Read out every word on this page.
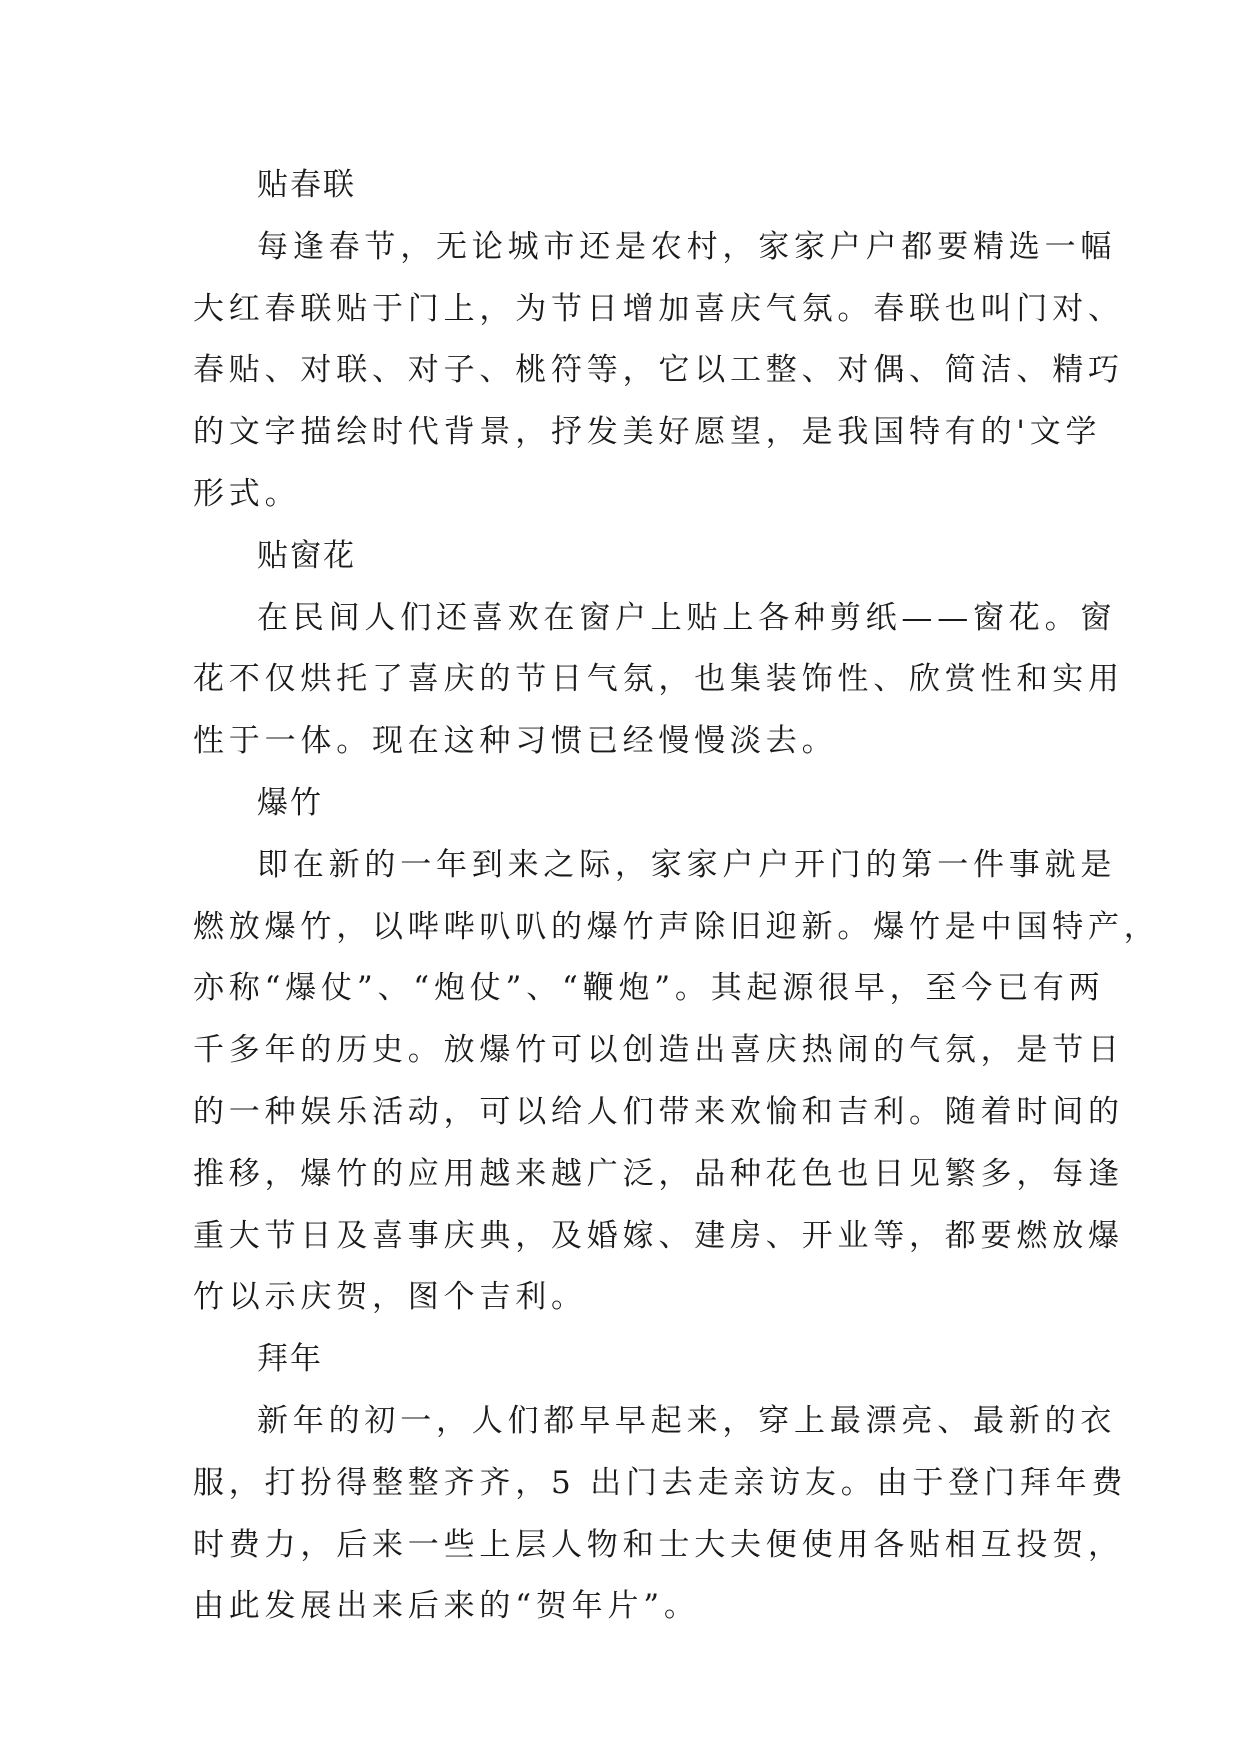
贴春联

每逢春节，无论城市还是农村，家家户户都要精选一幅
大红春联贴于门上，为节日增加喜庆气氛。春联也叫门对、
春贴、对联、对子、桃符等，它以工整、对偶、简洁、精巧
的文字描绘时代背景，抒发美好愿望，是我国特有的'文学
形式。

贴窗花

在民间人们还喜欢在窗户上贴上各种剪纸——窗花。窗
花不仅烘托了喜庆的节日气氛，也集装饰性、欣赏性和实用
性于一体。现在这种习惯已经慢慢淡去。

爆竹

即在新的一年到来之际，家家户户开门的第一件事就是
燃放爆竹，以哔哔叭叭的爆竹声除旧迎新。爆竹是中国特产，
亦称“爆仗”、“炮仗”、“鞭炮”。其起源很早，至今已有两
千多年的历史。放爆竹可以创造出喜庆热闹的气氛，是节日
的一种娱乐活动，可以给人们带来欢愉和吉利。随着时间的
推移，爆竹的应用越来越广泛，品种花色也日见繁多，每逢
重大节日及喜事庆典，及婚嫁、建房、开业等，都要燃放爆
竹以示庆贺，图个吉利。

拜年

新年的初一，人们都早早起来，穿上最漂亮、最新的衣
服，打扮得整整齐齐，5 出门去走亲访友。由于登门拜年费
时费力，后来一些上层人物和士大夫便使用各贴相互投贺，
由此发展出来后来的“贺年片”。
